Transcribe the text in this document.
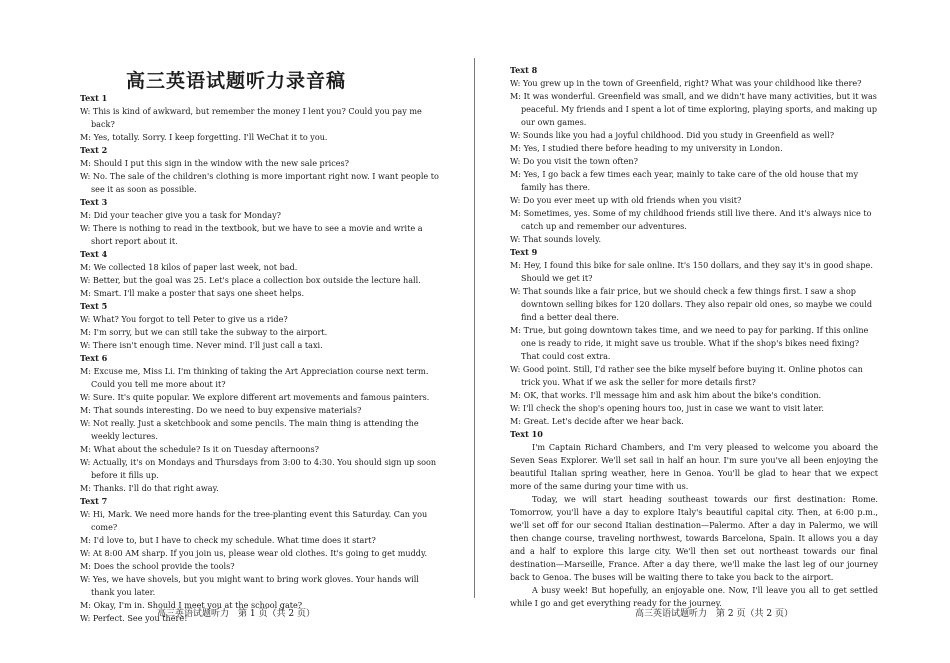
高三英语试题听力录音稿

Text 1

W: This is kind of awkward, but remember the money I lent you? Could you pay me back?

M: Yes, totally. Sorry. I keep forgetting. I'll WeChat it to you.

Text 2

M: Should I put this sign in the window with the new sale prices?

W: No. The sale of the children's clothing is more important right now. I want people to see it as soon as possible.

Text 3

M: Did your teacher give you a task for Monday?

W: There is nothing to read in the textbook, but we have to see a movie and write a short report about it.

Text 4

M: We collected 18 kilos of paper last week, not bad.

W: Better, but the goal was 25. Let's place a collection box outside the lecture hall.

M: Smart. I'll make a poster that says one sheet helps.

Text 5

W: What? You forgot to tell Peter to give us a ride?

M: I'm sorry, but we can still take the subway to the airport.

W: There isn't enough time. Never mind. I'll just call a taxi.

Text 6

M: Excuse me, Miss Li. I'm thinking of taking the Art Appreciation course next term. Could you tell me more about it?

W: Sure. It's quite popular. We explore different art movements and famous painters.

M: That sounds interesting. Do we need to buy expensive materials?

W: Not really. Just a sketchbook and some pencils. The main thing is attending the weekly lectures.

M: What about the schedule? Is it on Tuesday afternoons?

W: Actually, it's on Mondays and Thursdays from 3:00 to 4:30. You should sign up soon before it fills up.

M: Thanks. I'll do that right away.

Text 7

W: Hi, Mark. We need more hands for the tree-planting event this Saturday. Can you come?

M: I'd love to, but I have to check my schedule. What time does it start?

W: At 8:00 AM sharp. If you join us, please wear old clothes. It's going to get muddy.

M: Does the school provide the tools?

W: Yes, we have shovels, but you might want to bring work gloves. Your hands will thank you later.

M: Okay, I'm in. Should I meet you at the school gate?

W: Perfect. See you there!

高三英语试题听力　第 1 页（共 2 页）

Text 8

W: You grew up in the town of Greenfield, right? What was your childhood like there?

M: It was wonderful. Greenfield was small, and we didn't have many activities, but it was peaceful. My friends and I spent a lot of time exploring, playing sports, and making up our own games.

W: Sounds like you had a joyful childhood. Did you study in Greenfield as well?

M: Yes, I studied there before heading to my university in London.

W: Do you visit the town often?

M: Yes, I go back a few times each year, mainly to take care of the old house that my family has there.

W: Do you ever meet up with old friends when you visit?

M: Sometimes, yes. Some of my childhood friends still live there. And it's always nice to catch up and remember our adventures.

W: That sounds lovely.

Text 9

M: Hey, I found this bike for sale online. It's 150 dollars, and they say it's in good shape. Should we get it?

W: That sounds like a fair price, but we should check a few things first. I saw a shop downtown selling bikes for 120 dollars. They also repair old ones, so maybe we could find a better deal there.

M: True, but going downtown takes time, and we need to pay for parking. If this online one is ready to ride, it might save us trouble. What if the shop's bikes need fixing? That could cost extra.

W: Good point. Still, I'd rather see the bike myself before buying it. Online photos can trick you. What if we ask the seller for more details first?

M: OK, that works. I'll message him and ask him about the bike's condition.

W: I'll check the shop's opening hours too, just in case we want to visit later.

M: Great. Let's decide after we hear back.

Text 10

I'm Captain Richard Chambers, and I'm very pleased to welcome you aboard the Seven Seas Explorer. We'll set sail in half an hour. I'm sure you've all been enjoying the beautiful Italian spring weather, here in Genoa. You'll be glad to hear that we expect more of the same during your time with us.

Today, we will start heading southeast towards our first destination: Rome. Tomorrow, you'll have a day to explore Italy's beautiful capital city. Then, at 6:00 p.m., we'll set off for our second Italian destination—Palermo. After a day in Palermo, we will then change course, traveling northwest, towards Barcelona, Spain. It allows you a day and a half to explore this large city. We'll then set out northeast towards our final destination—Marseille, France. After a day there, we'll make the last leg of our journey back to Genoa. The buses will be waiting there to take you back to the airport.

A busy week! But hopefully, an enjoyable one. Now, I'll leave you all to get settled while I go and get everything ready for the journey.

高三英语试题听力　第 2 页（共 2 页）
